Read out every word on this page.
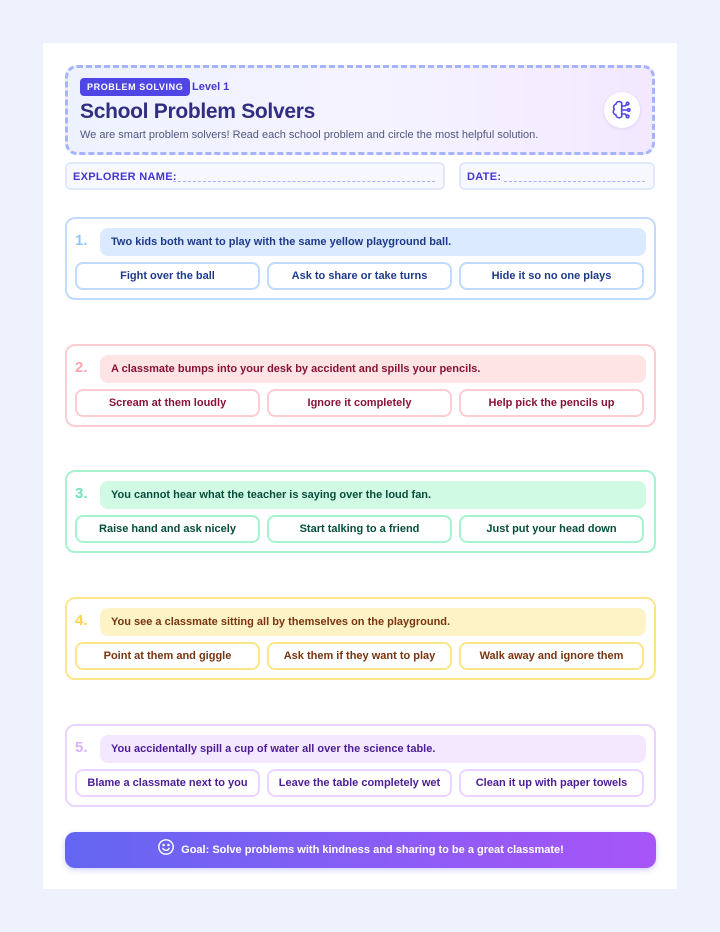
PROBLEM SOLVING Level 1
School Problem Solvers
We are smart problem solvers! Read each school problem and circle the most helpful solution.
EXPLORER NAME:	DATE:
1.	Two kids both want to play with the same yellow playground ball.
Fight over the ball	Ask to share or take turns	Hide it so no one plays
2.	A classmate bumps into your desk by accident and spills your pencils.
Scream at them loudly	Ignore it completely	Help pick the pencils up
3.	You cannot hear what the teacher is saying over the loud fan.
Raise hand and ask nicely	Start talking to a friend	Just put your head down
4.	You see a classmate sitting all by themselves on the playground.
Point at them and giggle	Ask them if they want to play	Walk away and ignore them
5.	You accidentally spill a cup of water all over the science table.
Blame a classmate next to you	Leave the table completely wet	Clean it up with paper towels
Goal: Solve problems with kindness and sharing to be a great classmate!
